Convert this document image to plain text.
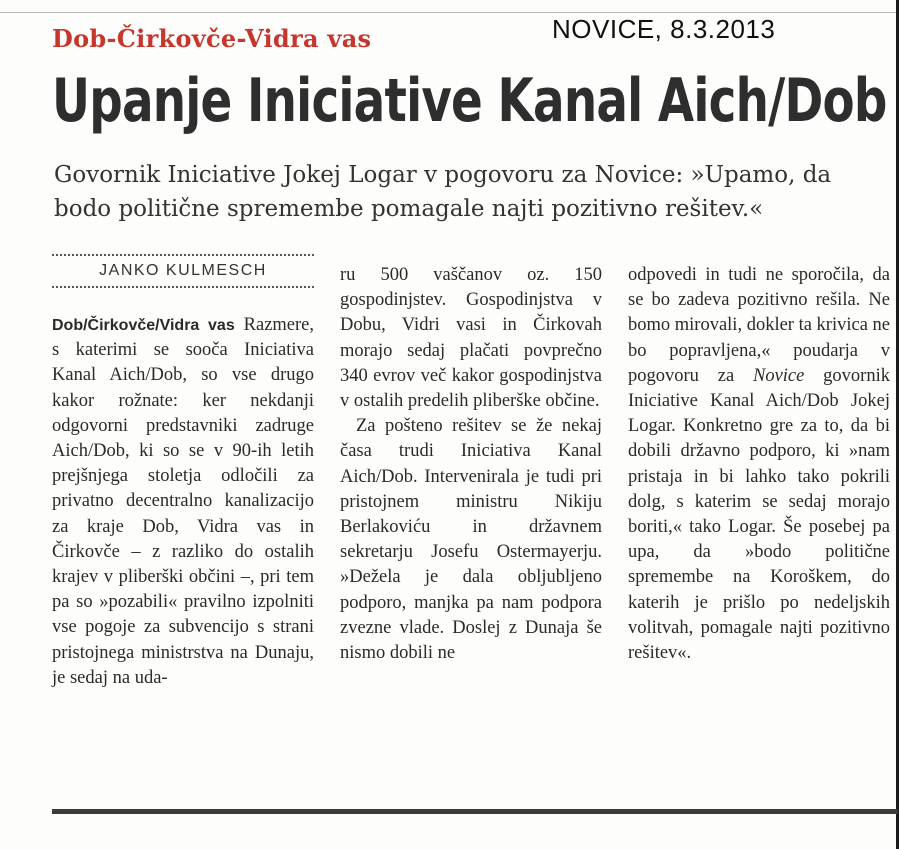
Dob-Čirkovče-Vidra vas	NOVICE, 8.3.2013
Upanje Iniciative Kanal Aich/Dob
Govornik Iniciative Jokej Logar v pogovoru za Novice: »Upamo, da bodo politične spremembe pomagale najti pozitivno rešitev.«
JANKO KULMESCH

Dob/Čirkovče/Vidra vas Razmere, s katerimi se sooča Iniciativa Kanal Aich/Dob, so vse drugo kakor rožnate: ker nekdanji odgovorni predstavniki zadruge Aich/Dob, ki so se v 90-ih letih prejšnjega stoletja odločili za privatno decentralno kanalizacijo za kraje Dob, Vidra vas in Čirkovče – z razliko do ostalih krajev v pliberški občini –, pri tem pa so »pozabili« pravilno izpolniti vse pogoje za subvencijo s strani pristojnega ministrstva na Dunaju, je sedaj na uda-

ru 500 vaščanov oz. 150 gospodinjstev. Gospodinjstva v Dobu, Vidri vasi in Čirkovah morajo sedaj plačati povprečno 340 evrov več kakor gospodinjstva v ostalih predelih pliberške občine.

Za pošteno rešitev se že nekaj časa trudi Iniciativa Kanal Aich/Dob. Intervenirala je tudi pri pristojnem ministru Nikiju Berlakoviću in državnem sekretarju Josefu Ostermayerju. »Dežela je dala obljubljeno podporo, manjka pa nam podpora zvezne vlade. Doslej z Dunaja še nismo dobili ne

odpovedi in tudi ne sporočila, da se bo zadeva pozitivno rešila. Ne bomo mirovali, dokler ta krivica ne bo popravljena,« poudarja v pogovoru za Novice govornik Iniciative Kanal Aich/Dob Jokej Logar. Konkretno gre za to, da bi dobili državno podporo, ki »nam pristaja in bi lahko tako pokrili dolg, s katerim se sedaj morajo boriti,« tako Logar. Še posebej pa upa, da »bodo politične spremembe na Koroškem, do katerih je prišlo po nedeljskih volitvah, pomagale najti pozitivno rešitev«.
